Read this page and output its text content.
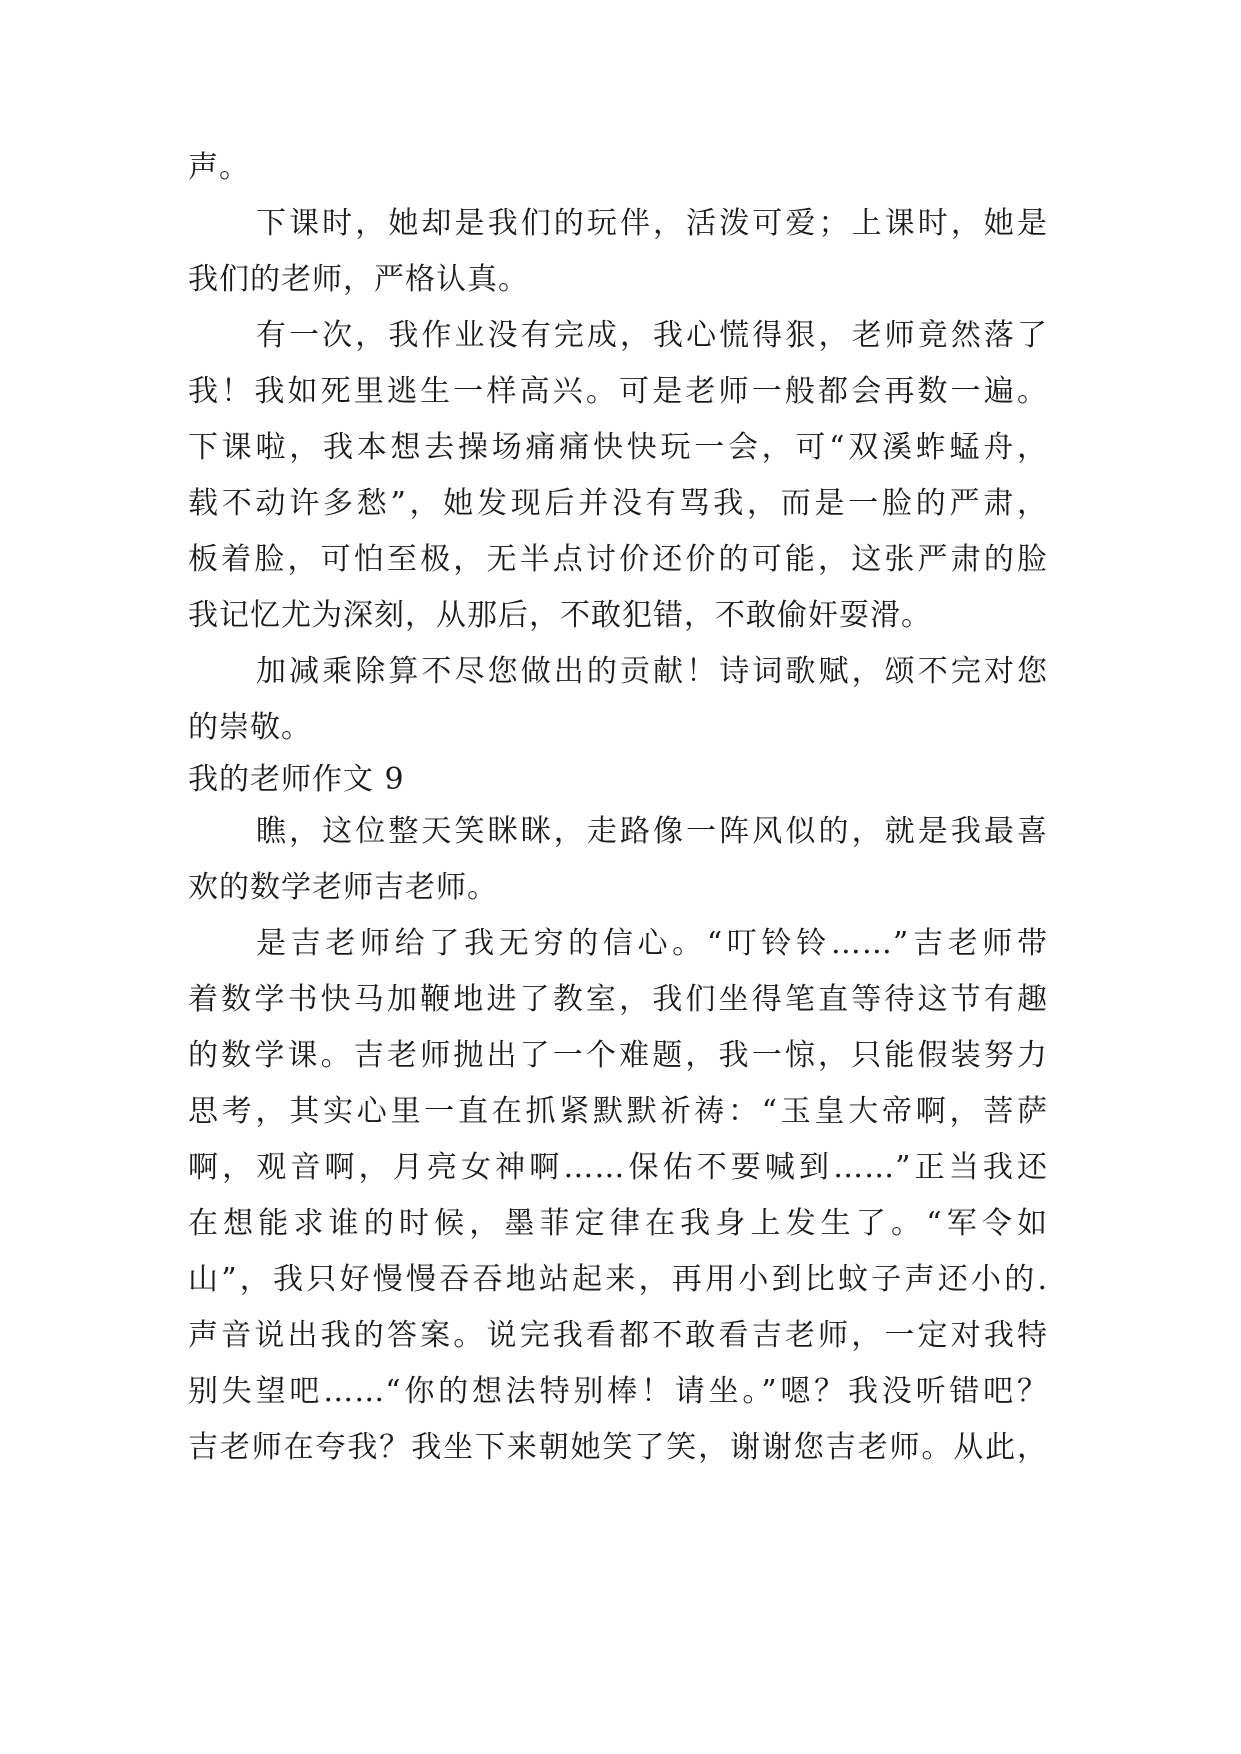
声。
下课时，她却是我们的玩伴，活泼可爱；上课时，她是
我们的老师，严格认真。
有一次，我作业没有完成，我心慌得狠，老师竟然落了
我！我如死里逃生一样高兴。可是老师一般都会再数一遍。
下课啦，我本想去操场痛痛快快玩一会，可“双溪蚱蜢舟，
载不动许多愁”，她发现后并没有骂我，而是一脸的严肃，
板着脸，可怕至极，无半点讨价还价的可能，这张严肃的脸
我记忆尤为深刻，从那后，不敢犯错，不敢偷奸耍滑。
加减乘除算不尽您做出的贡献！诗词歌赋，颂不完对您
的崇敬。
我的老师作文 9
瞧，这位整天笑眯眯，走路像一阵风似的，就是我最喜
欢的数学老师吉老师。
是吉老师给了我无穷的信心。“叮铃铃……”吉老师带
着数学书快马加鞭地进了教室，我们坐得笔直等待这节有趣
的数学课。吉老师抛出了一个难题，我一惊，只能假装努力
思考，其实心里一直在抓紧默默祈祷：“玉皇大帝啊，菩萨
啊，观音啊，月亮女神啊……保佑不要喊到……”正当我还
在想能求谁的时候，墨菲定律在我身上发生了。“军令如
山”，我只好慢慢吞吞地站起来，再用小到比蚊子声还小的.
声音说出我的答案。说完我看都不敢看吉老师，一定对我特
别失望吧……“你的想法特别棒！请坐。”嗯？我没听错吧？
吉老师在夸我？我坐下来朝她笑了笑，谢谢您吉老师。从此，
